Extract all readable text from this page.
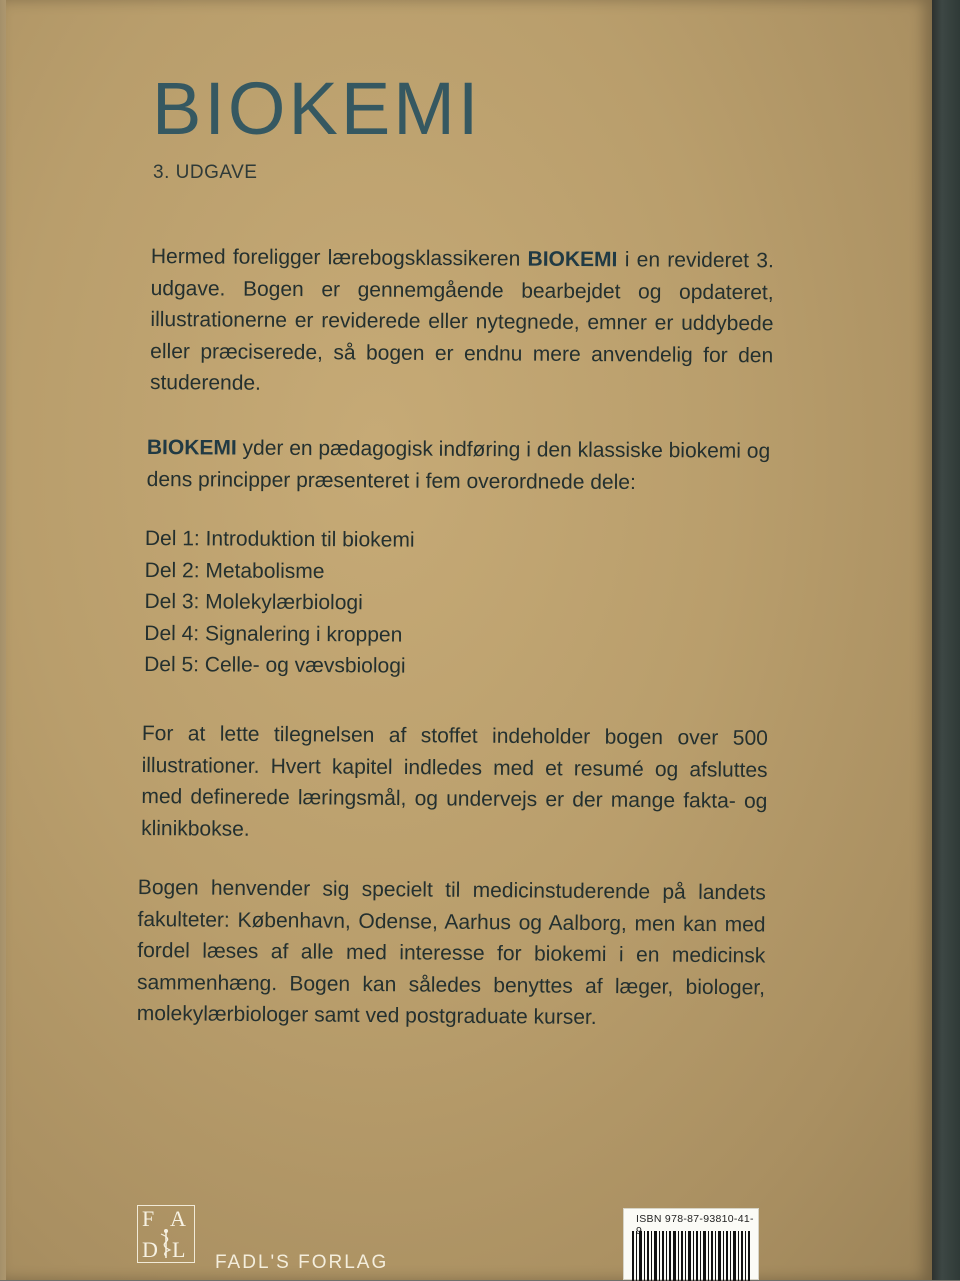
BIOKEMI
3. UDGAVE

Hermed foreligger lærebogsklassikeren BIOKEMI i en revideret 3. udgave. Bogen er gennemgående bearbejdet og opdateret, illustrationerne er reviderede eller nytegnede, emner er uddybede eller præciserede, så bogen er endnu mere anvendelig for den studerende.

BIOKEMI yder en pædagogisk indføring i den klassiske biokemi og dens principper præsenteret i fem overordnede dele:

Del 1: Introduktion til biokemi
Del 2: Metabolisme
Del 3: Molekylærbiologi
Del 4: Signalering i kroppen
Del 5: Celle- og vævsbiologi

For at lette tilegnelsen af stoffet indeholder bogen over 500 illustrationer. Hvert kapitel indledes med et resumé og afsluttes med definerede læringsmål, og undervejs er der mange fakta- og klinikbokse.

Bogen henvender sig specielt til medicinstuderende på landets fakulteter: København, Odense, Aarhus og Aalborg, men kan med fordel læses af alle med interesse for biokemi i en medicinsk sammenhæng. Bogen kan således benyttes af læger, biologer, molekylærbiologer samt ved postgraduate kurser.

F A
D L
FADL'S FORLAG
ISBN 978-87-93810-41-
